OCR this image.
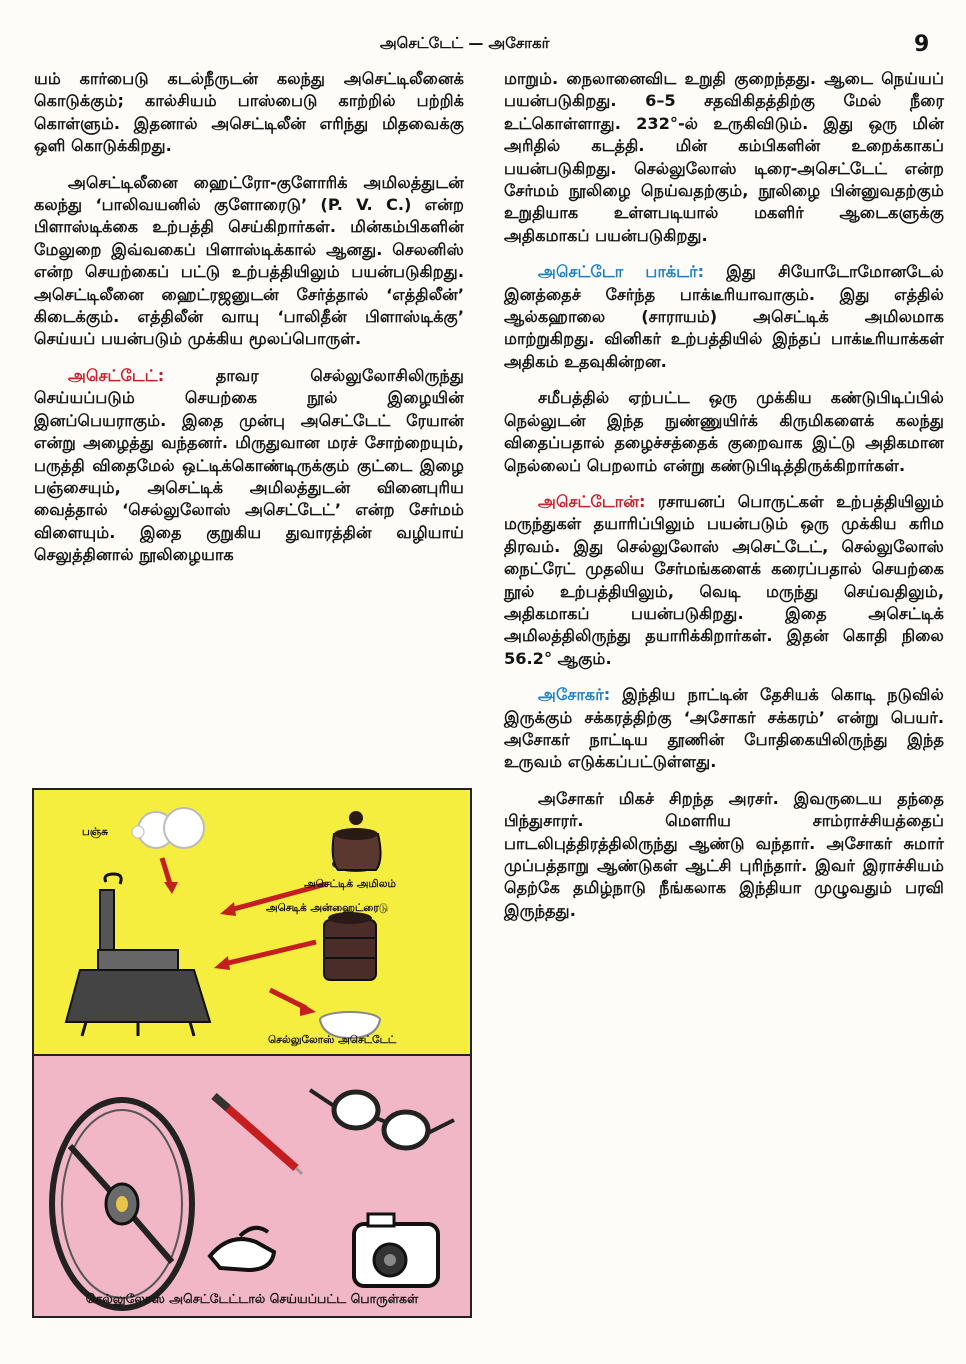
அசெட்டேட் — அசோகர்	9

யம் கார்பைடு கடல்நீருடன் கலந்து அசெட்டிலீனைக் கொடுக்கும்; கால்சியம் பாஸ்பைடு காற்றில் பற்றிக் கொள்ளும். இதனால் அசெட்டிலீன் எரிந்து மிதவைக்கு ஒளி கொடுக்கிறது.

அசெட்டிலீனை ஹைட்ரோ-குளோரிக் அமிலத்துடன் கலந்து ‘பாலிவயனில் குளோரைடு’ (P. V. C.) என்ற பிளாஸ்டிக்கை உற்பத்தி செய்கிறார்கள். மின்கம்பிகளின் மேலுறை இவ்வகைப் பிளாஸ்டிக்கால் ஆனது. செலனிஸ் என்ற செயற்கைப் பட்டு உற்பத்தியிலும் பயன்படுகிறது. அசெட்டிலீனை ஹைட்ரஜனுடன் சேர்த்தால் ‘எத்திலீன்’ கிடைக்கும். எத்திலீன் வாயு ‘பாலிதீன் பிளாஸ்டிக்கு’ செய்யப் பயன்படும் முக்கிய மூலப்பொருள்.

அசெட்டேட்: தாவர செல்லுலோசிலிருந்து செய்யப்படும் செயற்கை நூல் இழையின் இனப்பெயராகும். இதை முன்பு அசெட்டேட் ரேயான் என்று அழைத்து வந்தனர். மிருதுவான மரச் சோற்றையும், பருத்தி விதைமேல் ஒட்டிக்கொண்டிருக்கும் குட்டை இழை பஞ்சையும், அசெட்டிக் அமிலத்துடன் வினைபுரிய வைத்தால் ‘செல்லுலோஸ் அசெட்டேட்’ என்ற சேர்மம் விளையும். இதை குறுகிய துவாரத்தின் வழியாய் செலுத்தினால் நூலிழையாக

மாறும். நைலானைவிட உறுதி குறைந்தது. ஆடை நெய்யப் பயன்படுகிறது. 6–5 சதவிகிதத்திற்கு மேல் நீரை உட்கொள்ளாது. 232°-ல் உருகிவிடும். இது ஒரு மின் அரிதில் கடத்தி. மின் கம்பிகளின் உறைக்காகப் பயன்படுகிறது. செல்லுலோஸ் டிரை-அசெட்டேட் என்ற சேர்மம் நூலிழை நெய்வதற்கும், நூலிழை பின்னுவதற்கும் உறுதியாக உள்ளபடியால் மகளிர் ஆடைகளுக்கு அதிகமாகப் பயன்படுகிறது.

அசெட்டோ பாக்டர்: இது சியோடோமோனடேல் இனத்தைச் சேர்ந்த பாக்டீரியாவாகும். இது எத்தில் ஆல்கஹாலை (சாராயம்) அசெட்டிக் அமிலமாக மாற்றுகிறது. வினிகர் உற்பத்தியில் இந்தப் பாக்டீரியாக்கள் அதிகம் உதவுகின்றன.

சமீபத்தில் ஏற்பட்ட ஒரு முக்கிய கண்டுபிடிப்பில் நெல்லுடன் இந்த நுண்ணுயிர்க் கிருமிகளைக் கலந்து விதைப்பதால் தழைச்சத்தைக் குறைவாக இட்டு அதிகமான நெல்லைப் பெறலாம் என்று கண்டுபிடித்திருக்கிறார்கள்.

அசெட்டோன்: ரசாயனப் பொருட்கள் உற்பத்தியிலும் மருந்துகள் தயாரிப்பிலும் பயன்படும் ஒரு முக்கிய கரிம திரவம். இது செல்லுலோஸ் அசெட்டேட், செல்லுலோஸ் நைட்ரேட் முதலிய சேர்மங்களைக் கரைப்பதால் செயற்கை நூல் உற்பத்தியிலும், வெடி மருந்து செய்வதிலும், அதிகமாகப் பயன்படுகிறது. இதை அசெட்டிக் அமிலத்திலிருந்து தயாரிக்கிறார்கள். இதன் கொதி நிலை 56.2° ஆகும்.

அசோகர்: இந்திய நாட்டின் தேசியக் கொடி நடுவில் இருக்கும் சக்கரத்திற்கு ‘அசோகர் சக்கரம்’ என்று பெயர். அசோகர் நாட்டிய தூணின் போதிகையிலிருந்து இந்த உருவம் எடுக்கப்பட்டுள்ளது.

அசோகர் மிகச் சிறந்த அரசர். இவருடைய தந்தை பிந்துசாரர். மௌரிய சாம்ராச்சியத்தைப் பாடலிபுத்திரத்திலிருந்து ஆண்டு வந்தார். அசோகர் சுமார் முப்பத்தாறு ஆண்டுகள் ஆட்சி புரிந்தார். இவர் இராச்சியம் தெற்கே தமிழ்நாடு நீங்கலாக இந்தியா முழுவதும் பரவி இருந்தது.

பஞ்சு
அசெட்டிக் அமிலம்
அசெடிக் அன்ஹைட்ரைடு
செல்லுலோஸ் அசெட்டேட்
செல்லுலோஸ் அசெட்டேட்டால் செய்யப்பட்ட பொருள்கள்
